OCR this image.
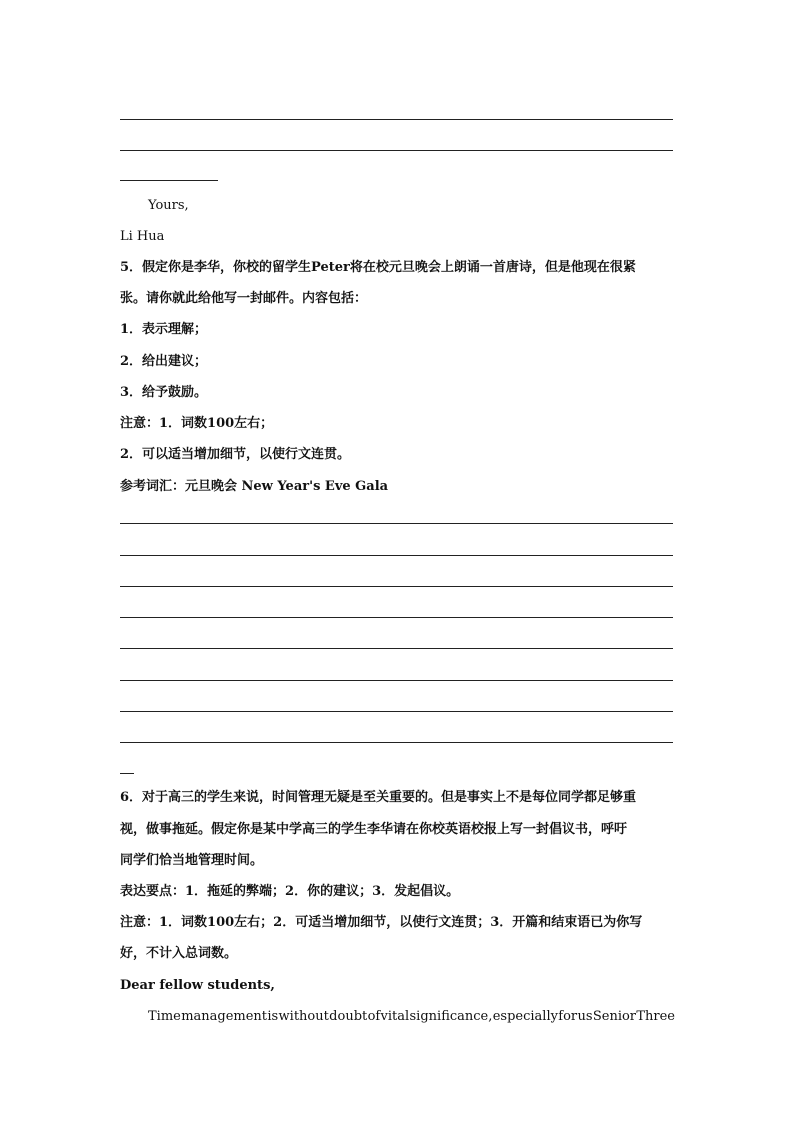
Yours,
Li Hua
5．假定你是李华，你校的留学生Peter将在校元旦晚会上朗诵一首唐诗，但是他现在很紧
张。请你就此给他写一封邮件。内容包括：
1．表示理解；
2．给出建议；
3．给予鼓励。
注意：1．词数100左右；
2．可以适当增加细节，以使行文连贯。
参考词汇：元旦晚会 New Year's Eve Gala
6．对于高三的学生来说，时间管理无疑是至关重要的。但是事实上不是每位同学都足够重
视，做事拖延。假定你是某中学高三的学生李华请在你校英语校报上写一封倡议书，呼吁
同学们恰当地管理时间。
表达要点：1．拖延的弊端；2．你的建议；3．发起倡议。
注意：1．词数100左右；2．可适当增加细节，以使行文连贯；3．开篇和结束语已为你写
好，不计入总词数。
Dear fellow students,
Time management is without doubt of vital significance, especially for us Senior Three
